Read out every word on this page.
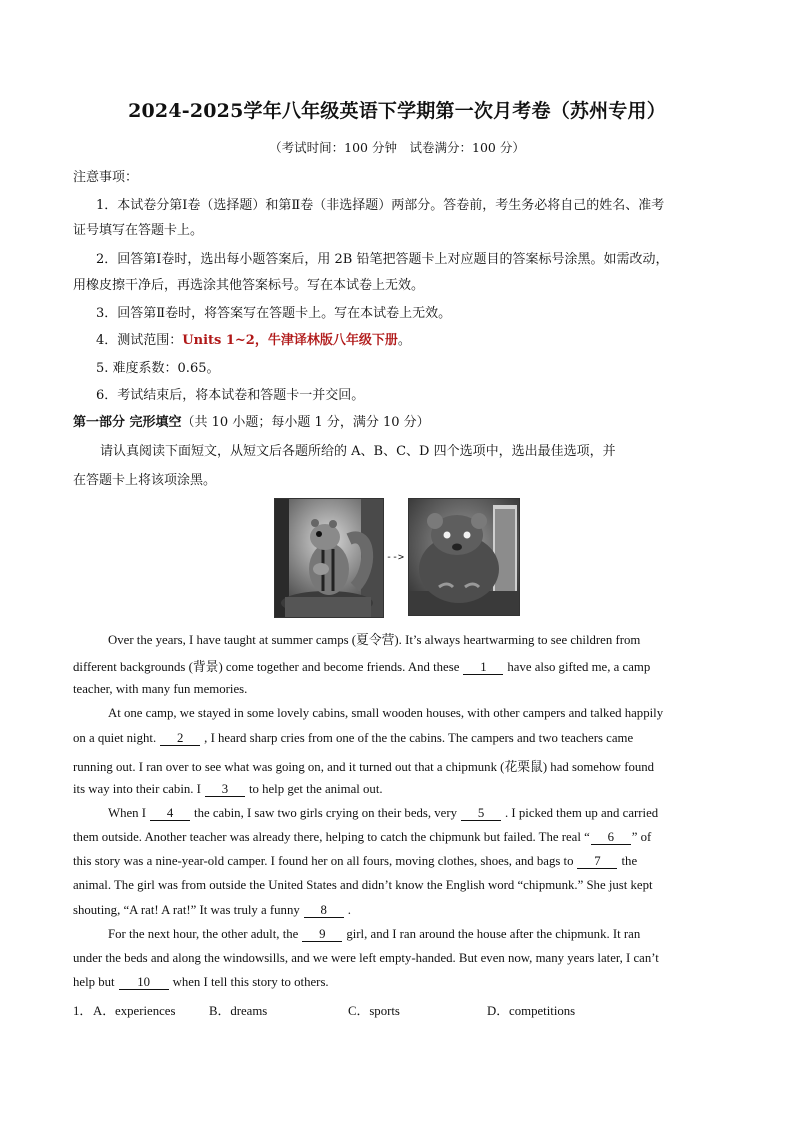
2024-2025学年八年级英语下学期第一次月考卷（苏州专用）
（考试时间：100 分钟　试卷满分：100 分）
注意事项：
1．本试卷分第Ⅰ卷（选择题）和第Ⅱ卷（非选择题）两部分。答卷前，考生务必将自己的姓名、准考
证号填写在答题卡上。
2．回答第Ⅰ卷时，选出每小题答案后，用 2B 铅笔把答题卡上对应题目的答案标号涂黑。如需改动，
用橡皮擦干净后，再选涂其他答案标号。写在本试卷上无效。
3．回答第Ⅱ卷时，将答案写在答题卡上。写在本试卷上无效。
4．测试范围：Units 1~2，牛津译林版八年级下册。
5. 难度系数：0.65。
6．考试结束后，将本试卷和答题卡一并交回。
第一部分 完形填空（共 10 小题；每小题 1 分，满分 10 分）
请认真阅读下面短文，从短文后各题所给的 A、B、C、D 四个选项中，选出最佳选项，并
在答题卡上将该项涂黑。
-->
Over the years, I have taught at summer camps (夏令营). It’s always heartwarming to see children from
different backgrounds (背景) come together and become friends. And these 1 have also gifted me, a camp
teacher, with many fun memories.
At one camp, we stayed in some lovely cabins, small wooden houses, with other campers and talked happily
on a quiet night. 2 , I heard sharp cries from one of the the cabins. The campers and two teachers came
running out. I ran over to see what was going on, and it turned out that a chipmunk (花栗鼠) had somehow found
its way into their cabin. I 3 to help get the animal out.
When I 4 the cabin, I saw two girls crying on their beds, very 5 . I picked them up and carried
them outside. Another teacher was already there, helping to catch the chipmunk but failed. The real “ 6 ” of
this story was a nine-year-old camper. I found her on all fours, moving clothes, shoes, and bags to 7 the
animal. The girl was from outside the United States and didn’t know the English word “chipmunk.” She just kept
shouting, “A rat! A rat!” It was truly a funny 8 .
For the next hour, the other adult, the 9 girl, and I ran around the house after the chipmunk. It ran
under the beds and along the windowsills, and we were left empty-handed. But even now, many years later, I can’t
help but 10 when I tell this story to others.
1． A．experiences	B．dreams	C．sports	D．competitions
